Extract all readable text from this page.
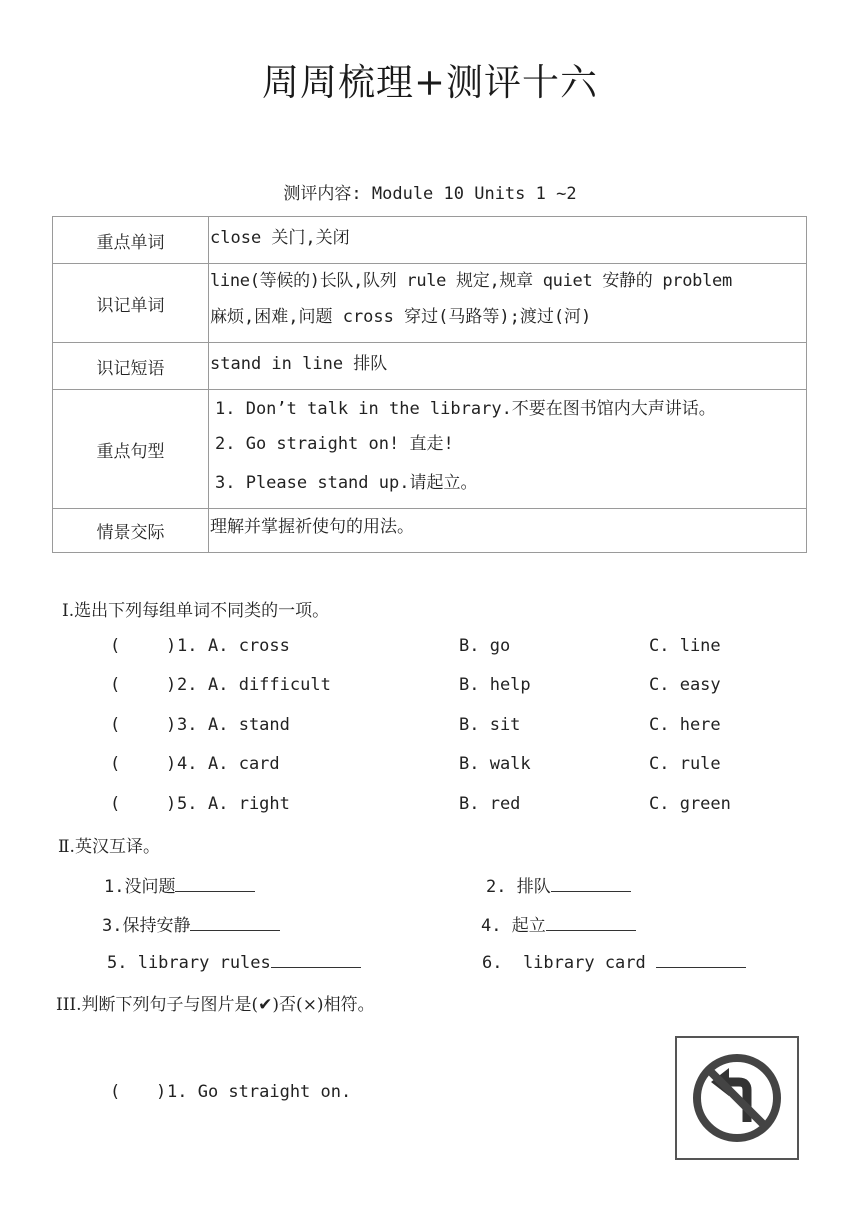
周周梳理+测评十六
测评内容: Module 10 Units 1 ~2
重点单词	close 关门,关闭

识记单词	line(等候的)长队,队列 rule 规定,规章 quiet 安静的 problem
麻烦,困难,问题 cross 穿过(马路等);渡过(河)

识记短语	stand in line 排队

重点句型	1. Don’t talk in the library.不要在图书馆内大声讲话。
2. Go straight on! 直走!
3. Please stand up.请起立。

情景交际	理解并掌握祈使句的用法。
Ⅰ.选出下列每组单词不同类的一项。
(	) 1. A. cross	B. go	C. line
(	) 2. A. difficult	B. help	C. easy
(	) 3. A. stand	B. sit	C. here
(	) 4. A. card	B. walk	C. rule
(	) 5. A. right	B. red	C. green
Ⅱ.英汉互译。
1.没问题	2. 排队
3.保持安静	4. 起立
5. library rules	6.  library card
III.判断下列句子与图片是(✔)否(×)相符。
( ) 1. Go straight on.
